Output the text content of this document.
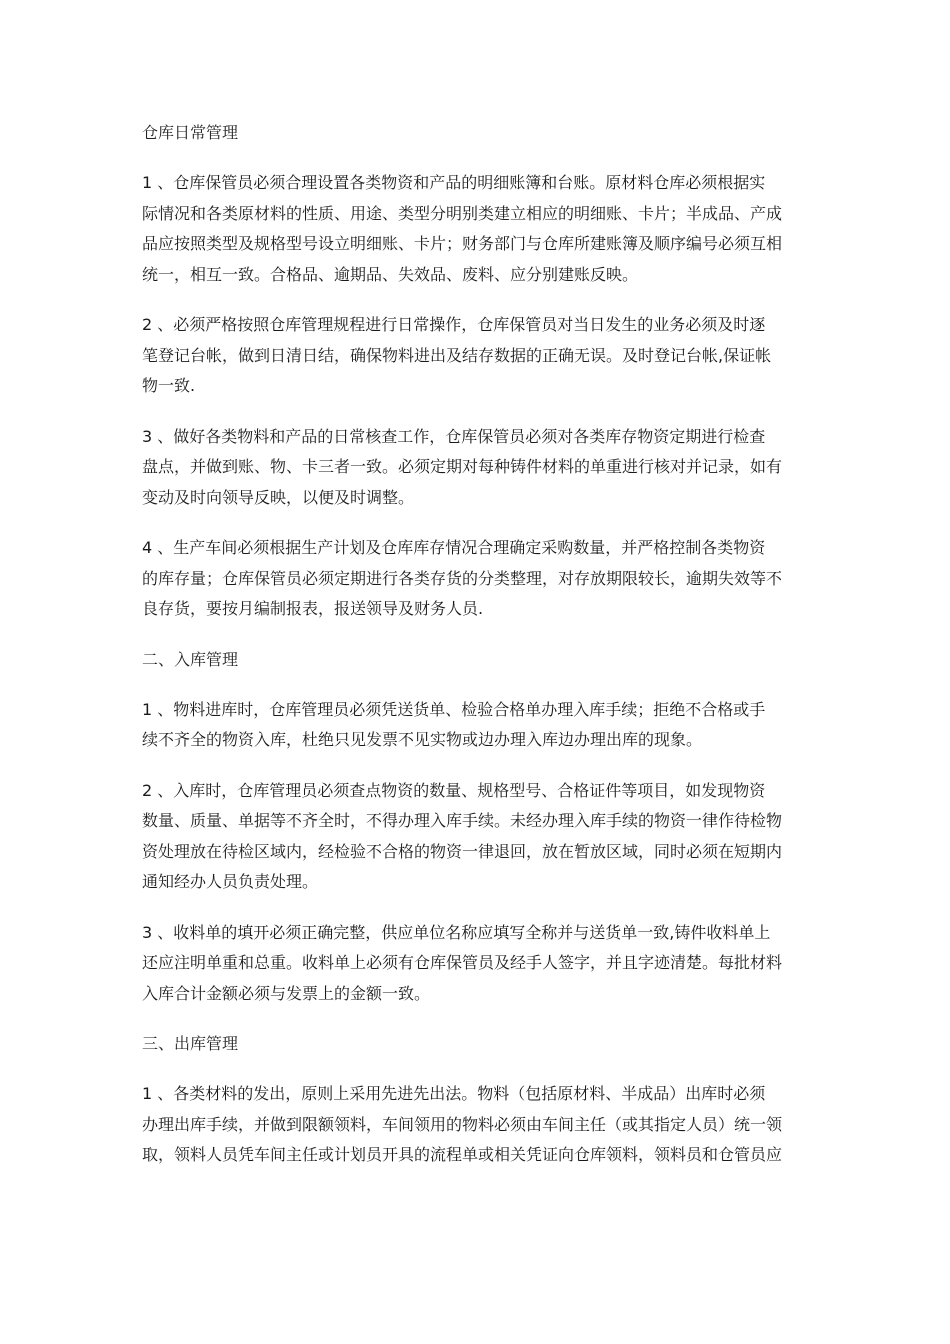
仓库日常管理
1 、仓库保管员必须合理设置各类物资和产品的明细账簿和台账。原材料仓库必须根据实
际情况和各类原材料的性质、用途、类型分明别类建立相应的明细账、卡片；半成品、产成
品应按照类型及规格型号设立明细账、卡片；财务部门与仓库所建账簿及顺序编号必须互相
统一，相互一致。合格品、逾期品、失效品、废料、应分别建账反映。
2 、必须严格按照仓库管理规程进行日常操作，仓库保管员对当日发生的业务必须及时逐
笔登记台帐，做到日清日结，确保物料进出及结存数据的正确无误。及时登记台帐,保证帐
物一致.
3 、做好各类物料和产品的日常核查工作，仓库保管员必须对各类库存物资定期进行检查
盘点，并做到账、物、卡三者一致。必须定期对每种铸件材料的单重进行核对并记录，如有
变动及时向领导反映，以便及时调整。
4 、生产车间必须根据生产计划及仓库库存情况合理确定采购数量，并严格控制各类物资
的库存量；仓库保管员必须定期进行各类存货的分类整理，对存放期限较长，逾期失效等不
良存货，要按月编制报表，报送领导及财务人员.
二、入库管理
1 、物料进库时，仓库管理员必须凭送货单、检验合格单办理入库手续；拒绝不合格或手
续不齐全的物资入库，杜绝只见发票不见实物或边办理入库边办理出库的现象。
2 、入库时，仓库管理员必须查点物资的数量、规格型号、合格证件等项目，如发现物资
数量、质量、单据等不齐全时，不得办理入库手续。未经办理入库手续的物资一律作待检物
资处理放在待检区域内，经检验不合格的物资一律退回，放在暂放区域，同时必须在短期内
通知经办人员负责处理。
3 、收料单的填开必须正确完整，供应单位名称应填写全称并与送货单一致,铸件收料单上
还应注明单重和总重。收料单上必须有仓库保管员及经手人签字，并且字迹清楚。每批材料
入库合计金额必须与发票上的金额一致。
三、出库管理
1 、各类材料的发出，原则上采用先进先出法。物料（包括原材料、半成品）出库时必须
办理出库手续，并做到限额领料，车间领用的物料必须由车间主任（或其指定人员）统一领
取，领料人员凭车间主任或计划员开具的流程单或相关凭证向仓库领料，领料员和仓管员应
